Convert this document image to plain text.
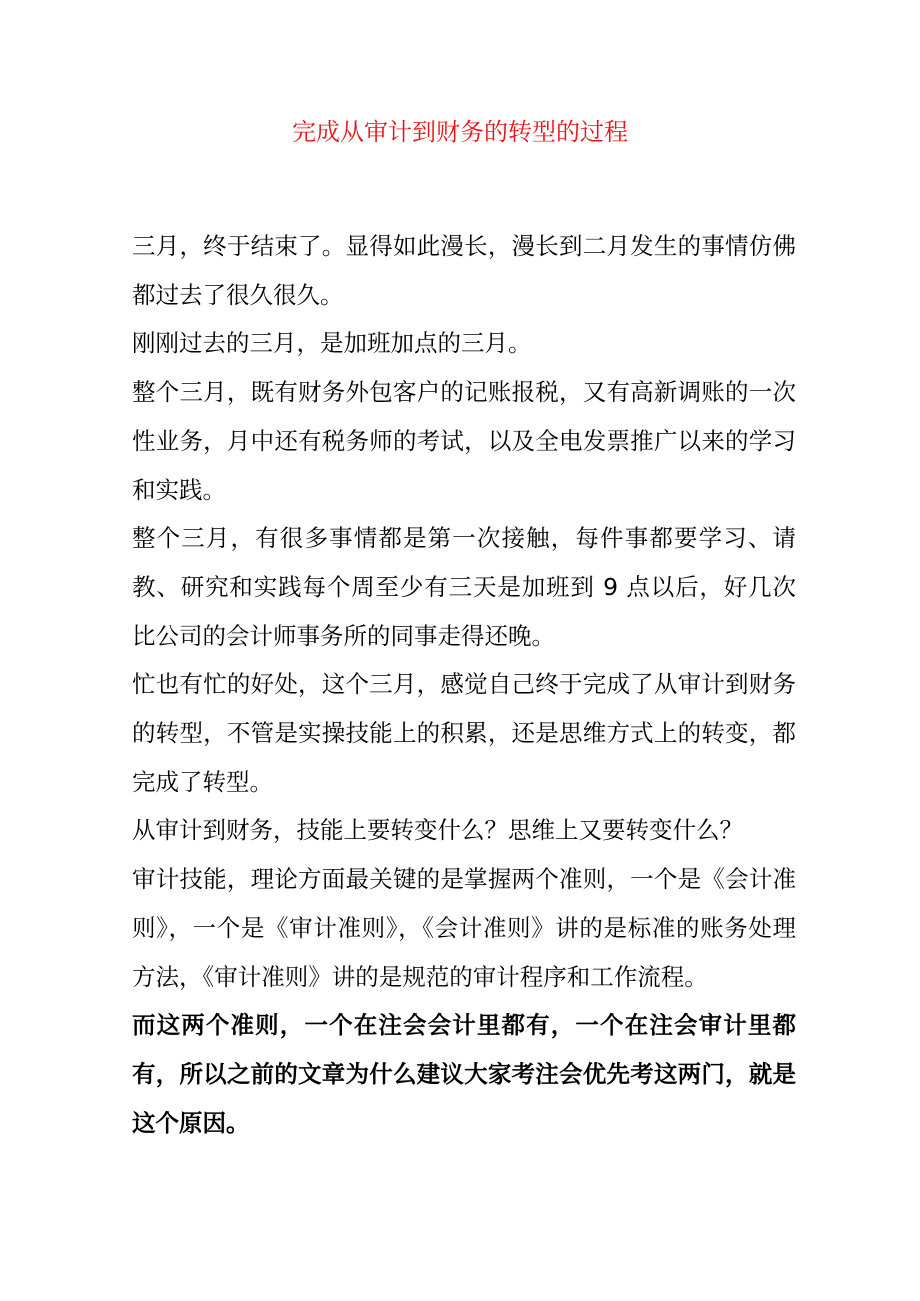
完成从审计到财务的转型的过程

三月，终于结束了。显得如此漫长，漫长到二月发生的事情仿佛都过去了很久很久。

刚刚过去的三月，是加班加点的三月。

整个三月，既有财务外包客户的记账报税，又有高新调账的一次性业务，月中还有税务师的考试，以及全电发票推广以来的学习和实践。

整个三月，有很多事情都是第一次接触，每件事都要学习、请教、研究和实践每个周至少有三天是加班到 9 点以后，好几次比公司的会计师事务所的同事走得还晚。

忙也有忙的好处，这个三月，感觉自己终于完成了从审计到财务的转型，不管是实操技能上的积累，还是思维方式上的转变，都完成了转型。

从审计到财务，技能上要转变什么？思维上又要转变什么？

审计技能，理论方面最关键的是掌握两个准则，一个是《会计准则》，一个是《审计准则》，《会计准则》讲的是标准的账务处理方法，《审计准则》讲的是规范的审计程序和工作流程。

而这两个准则，一个在注会会计里都有，一个在注会审计里都有，所以之前的文章为什么建议大家考注会优先考这两门，就是这个原因。
